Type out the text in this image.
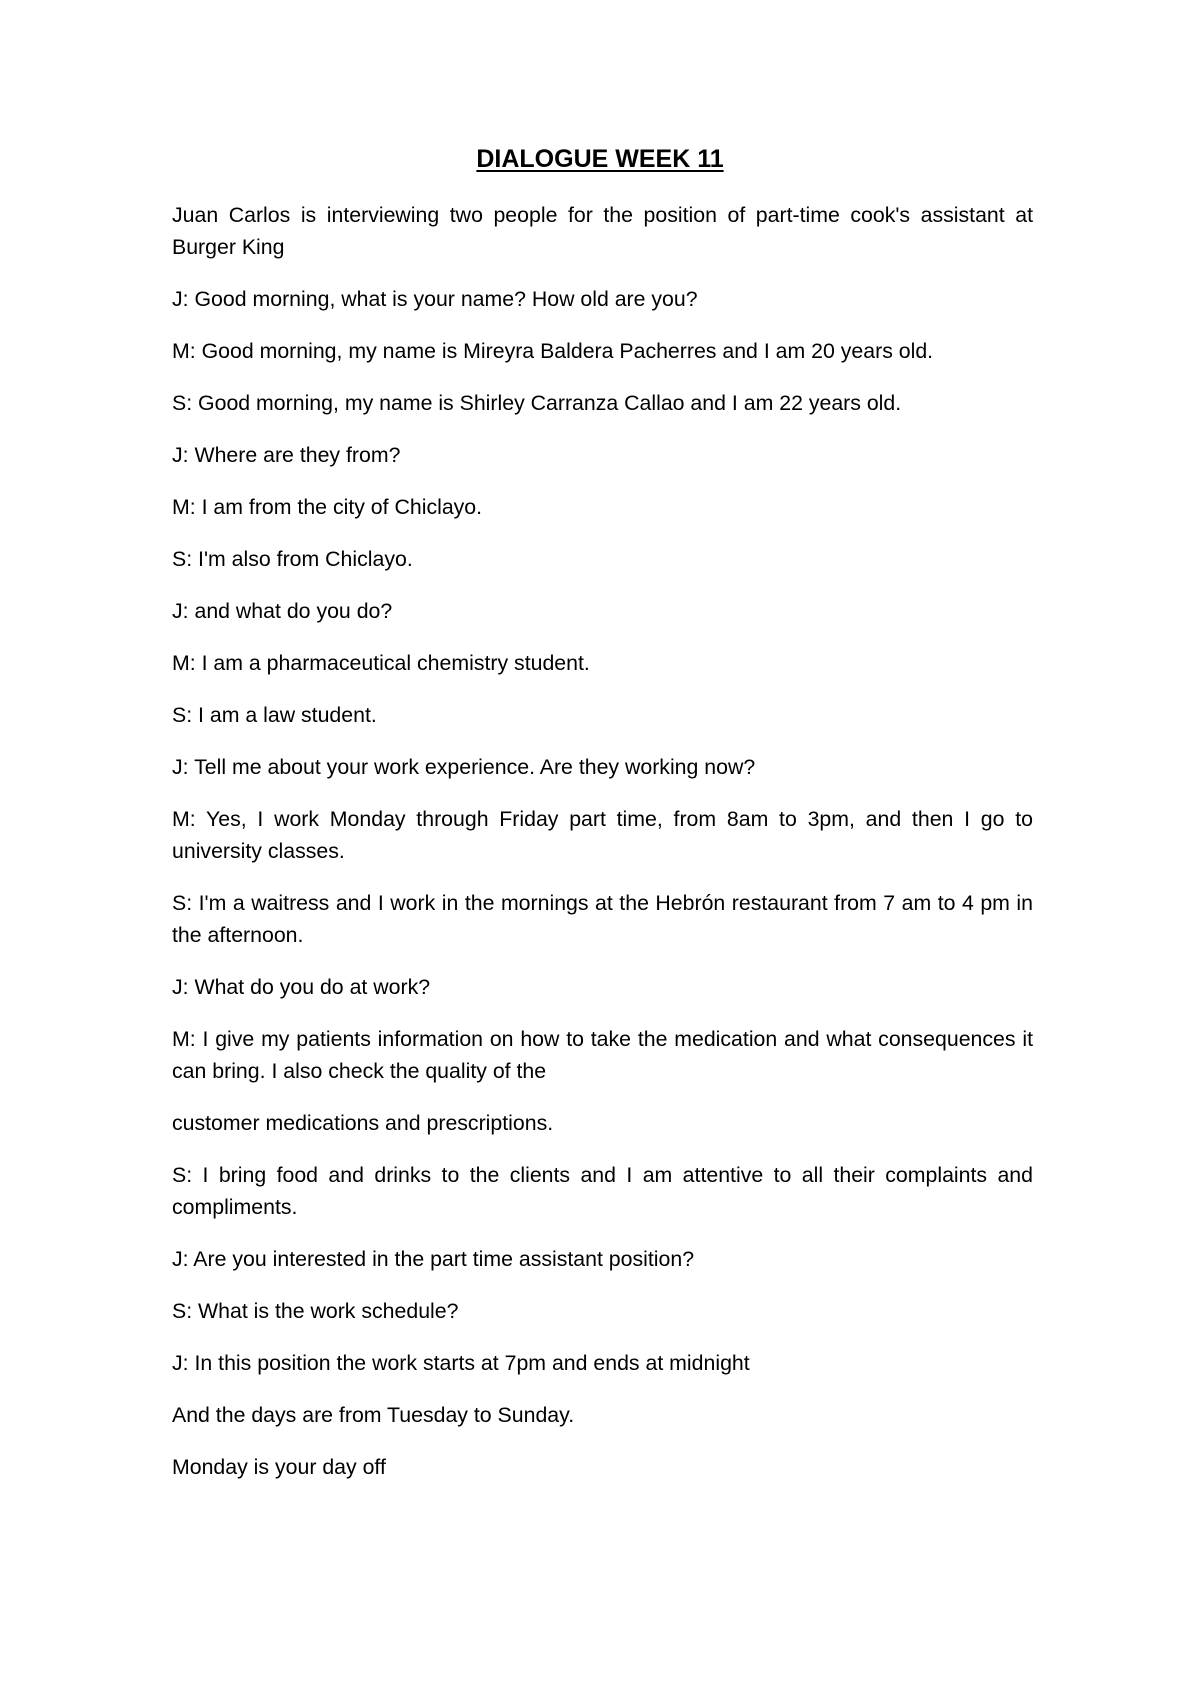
DIALOGUE WEEK 11

Juan Carlos is interviewing two people for the position of part-time cook's assistant at Burger King

J: Good morning, what is your name? How old are you?

M: Good morning, my name is Mireyra Baldera Pacherres and I am 20 years old.

S: Good morning, my name is Shirley Carranza Callao and I am 22 years old.

J: Where are they from?

M: I am from the city of Chiclayo.

S: I'm also from Chiclayo.

J: and what do you do?

M: I am a pharmaceutical chemistry student.

S: I am a law student.

J: Tell me about your work experience. Are they working now?

M: Yes, I work Monday through Friday part time, from 8am to 3pm, and then I go to university classes.

S: I'm a waitress and I work in the mornings at the Hebrón restaurant from 7 am to 4 pm in the afternoon.

J: What do you do at work?

M: I give my patients information on how to take the medication and what consequences it can bring. I also check the quality of the

customer medications and prescriptions.

S: I bring food and drinks to the clients and I am attentive to all their complaints and compliments.

J: Are you interested in the part time assistant position?

S: What is the work schedule?

J: In this position the work starts at 7pm and ends at midnight

And the days are from Tuesday to Sunday.

Monday is your day off
